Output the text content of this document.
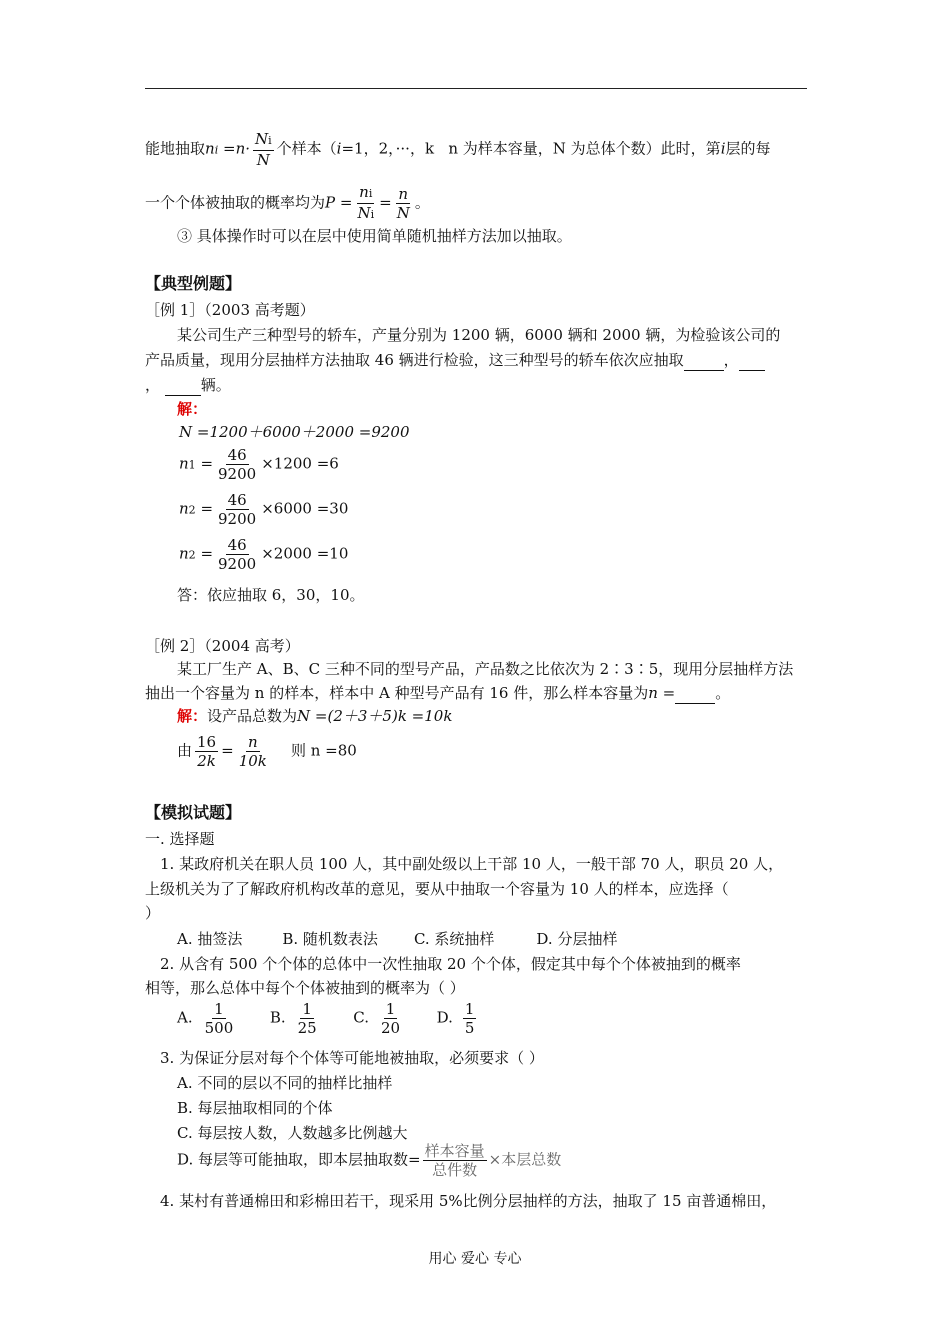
能地抽取ni $=n\cdot \frac{Ni}{N}$ 个样本（i=1，2，···，k n 为样本容量，N 为总体个数）此时，第i层的每
一个个体被抽取的概率均为$P = \frac{ni}{Ni} = \frac{n}{N}$ 。
③ 具体操作时可以在层中使用简单随机抽样方法加以抽取。
【典型例题】
［例 1］（2003 高考题）
某公司生产三种型号的轿车，产量分别为 1200 辆，6000 辆和 2000 辆，为检验该公司的
产品质量，现用分层抽样方法抽取 46 辆进行检验，这三种型号的轿车依次应抽取	，
，	辆。
解：
N =1200＋6000＋2000 =9200
$n1 = \frac{46}{9200} \times 1200 =6$
$n2 = \frac{46}{9200} \times 6000 =30$
$n2 = \frac{46}{9200} \times 2000 =10$
答：依应抽取 6，30，10。
［例 2］（2004 高考）
某工厂生产 A、B、C 三种不同的型号产品，产品数之比依次为 2∶3∶5，现用分层抽样方法
抽出一个容量为 n 的样本，样本中 A 种型号产品有 16 件，那么样本容量为n =	。
解：设产品总数为N =(2＋3＋5)k =10k
由 $\frac{16}{2k} = \frac{n}{10k}$ 则 n =80
【模拟试题】
一. 选择题
1. 某政府机关在职人员 100 人，其中副处级以上干部 10 人，一般干部 70 人，职员 20 人，
上级机关为了了解政府机构改革的意见，要从中抽取一个容量为 10 人的样本，应选择（
）
A. 抽签法	B. 随机数表法 C. 系统抽样	D. 分层抽样
2. 从含有 500 个个体的总体中一次性抽取 20 个个体，假定其中每个个体被抽到的概率
相等，那么总体中每个个体被抽到的概率为（ ）
A. $\frac{1}{500} B$. $\frac{1}{25} C$. $\frac{1}{20} D$. $\frac{1}{5}$
3. 为保证分层对每个个体等可能地被抽取，必须要求（ ）
A. 不同的层以不同的抽样比抽样
B. 每层抽取相同的个体
C. 每层按人数，人数越多比例越大
D. 每层等可能抽取，即本层抽取数= $\frac{\text{样本容量}}{\text{总件数}}$ ×本层总数
4. 某村有普通棉田和彩棉田若干，现采用 5%比例分层抽样的方法，抽取了 15 亩普通棉田，
用心 爱心 专心
